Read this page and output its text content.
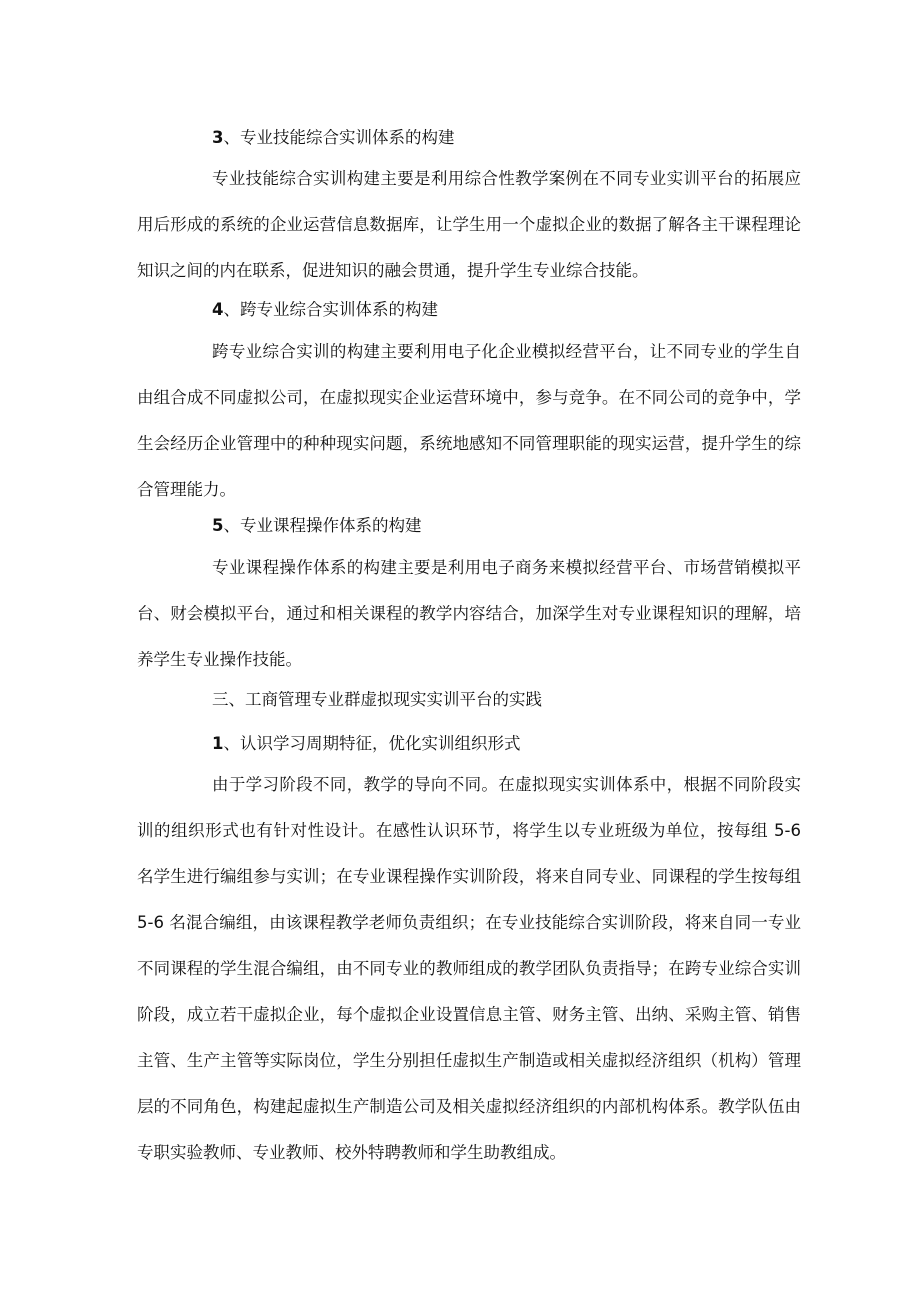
3、专业技能综合实训体系的构建

专业技能综合实训构建主要是利用综合性教学案例在不同专业实训平台的拓展应用后形成的系统的企业运营信息数据库，让学生用一个虚拟企业的数据了解各主干课程理论知识之间的内在联系，促进知识的融会贯通，提升学生专业综合技能。

4、跨专业综合实训体系的构建

跨专业综合实训的构建主要利用电子化企业模拟经营平台，让不同专业的学生自由组合成不同虚拟公司，在虚拟现实企业运营环境中，参与竞争。在不同公司的竞争中，学生会经历企业管理中的种种现实问题，系统地感知不同管理职能的现实运营，提升学生的综合管理能力。

5、专业课程操作体系的构建

专业课程操作体系的构建主要是利用电子商务来模拟经营平台、市场营销模拟平台、财会模拟平台，通过和相关课程的教学内容结合，加深学生对专业课程知识的理解，培养学生专业操作技能。

三、工商管理专业群虚拟现实实训平台的实践

1、认识学习周期特征，优化实训组织形式

由于学习阶段不同，教学的导向不同。在虚拟现实实训体系中，根据不同阶段实训的组织形式也有针对性设计。在感性认识环节，将学生以专业班级为单位，按每组 5-6 名学生进行编组参与实训；在专业课程操作实训阶段，将来自同专业、同课程的学生按每组 5-6 名混合编组，由该课程教学老师负责组织；在专业技能综合实训阶段，将来自同一专业不同课程的学生混合编组，由不同专业的教师组成的教学团队负责指导；在跨专业综合实训阶段，成立若干虚拟企业，每个虚拟企业设置信息主管、财务主管、出纳、采购主管、销售主管、生产主管等实际岗位，学生分别担任虚拟生产制造或相关虚拟经济组织（机构）管理层的不同角色，构建起虚拟生产制造公司及相关虚拟经济组织的内部机构体系。教学队伍由专职实验教师、专业教师、校外特聘教师和学生助教组成。
